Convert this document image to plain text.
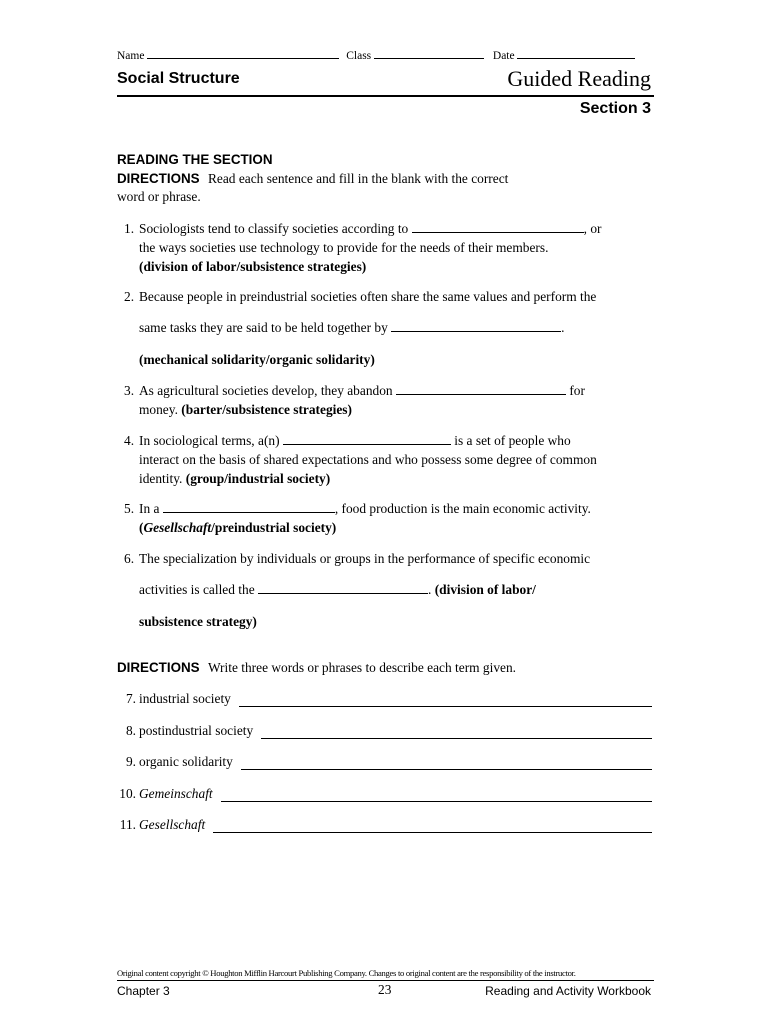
Name	Class	Date
Social Structure	Guided Reading
Section 3
READING THE SECTION
DIRECTIONS Read each sentence and fill in the blank with the correct
word or phrase.
1. Sociologists tend to classify societies according to	, or
the ways societies use technology to provide for the needs of their members.
(division of labor/subsistence strategies)
2. Because people in preindustrial societies often share the same values and perform the
same tasks they are said to be held together by	.
(mechanical solidarity/organic solidarity)
3. As agricultural societies develop, they abandon	for
money. (barter/subsistence strategies)
4. In sociological terms, a(n)	is a set of people who
interact on the basis of shared expectations and who possess some degree of common
identity. (group/industrial society)
5. In a	, food production is the main economic activity.
(Gesellschaft/preindustrial society)
6. The specialization by individuals or groups in the performance of specific economic
activities is called the	. (division of labor/
subsistence strategy)
DIRECTIONS Write three words or phrases to describe each term given.
7. industrial society
8. postindustrial society
9. organic solidarity
10. Gemeinschaft
11. Gesellschaft
Original content copyright © Houghton Mifflin Harcourt Publishing Company. Changes to original content are the responsibility of the instructor.
Chapter 3	23	Reading and Activity Workbook
